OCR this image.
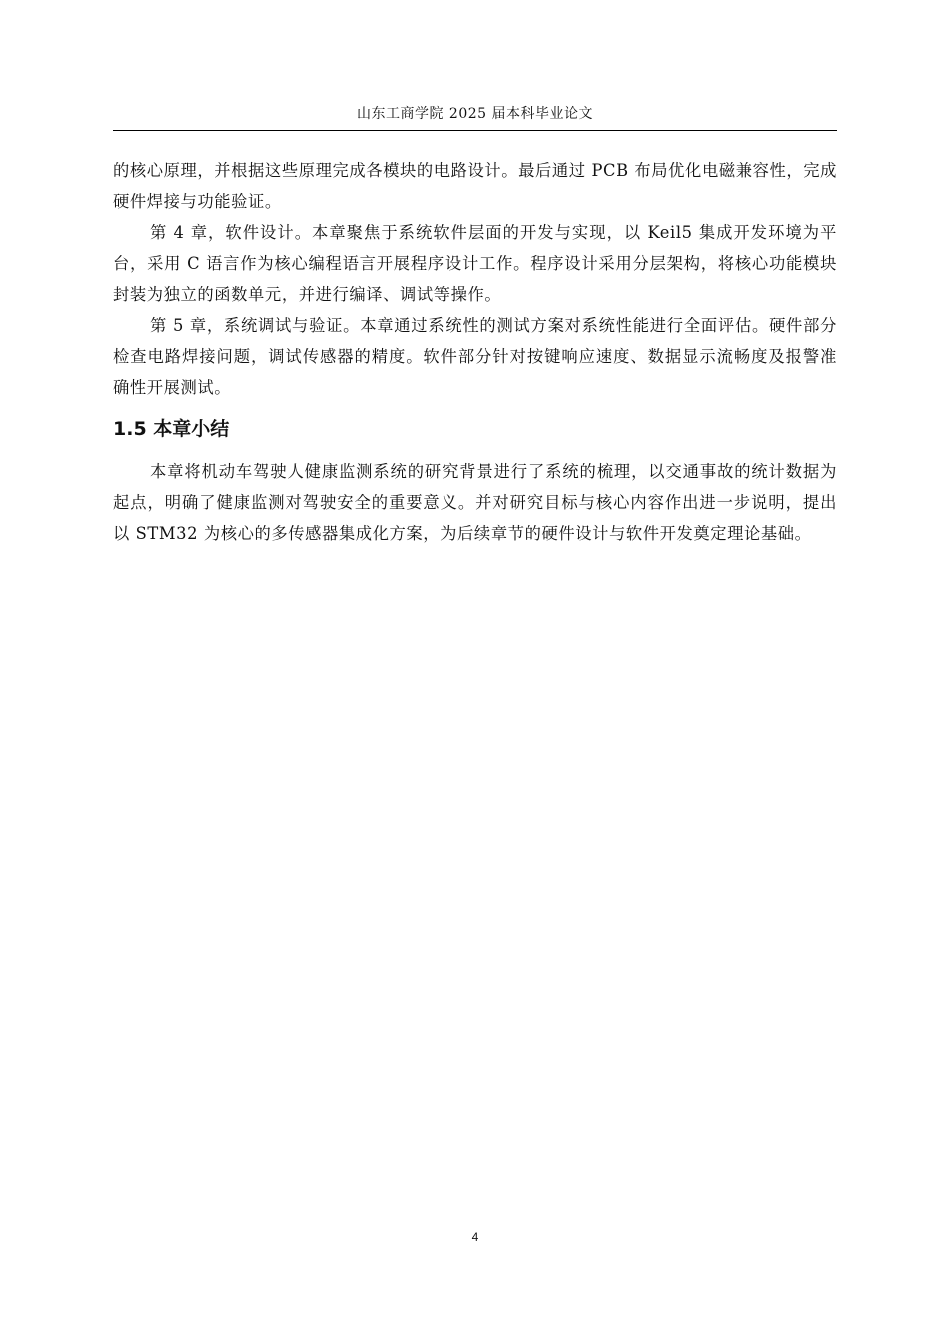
山东工商学院 2025 届本科毕业论文

的核心原理，并根据这些原理完成各模块的电路设计。最后通过 PCB 布局优化电磁兼容性，完成硬件焊接与功能验证。

第 4 章，软件设计。本章聚焦于系统软件层面的开发与实现，以 Keil5 集成开发环境为平台，采用 C 语言作为核心编程语言开展程序设计工作。程序设计采用分层架构，将核心功能模块封装为独立的函数单元，并进行编译、调试等操作。

第 5 章，系统调试与验证。本章通过系统性的测试方案对系统性能进行全面评估。硬件部分检查电路焊接问题，调试传感器的精度。软件部分针对按键响应速度、数据显示流畅度及报警准确性开展测试。

1.5 本章小结

本章将机动车驾驶人健康监测系统的研究背景进行了系统的梳理，以交通事故的统计数据为起点，明确了健康监测对驾驶安全的重要意义。并对研究目标与核心内容作出进一步说明，提出以 STM32 为核心的多传感器集成化方案，为后续章节的硬件设计与软件开发奠定理论基础。

4
